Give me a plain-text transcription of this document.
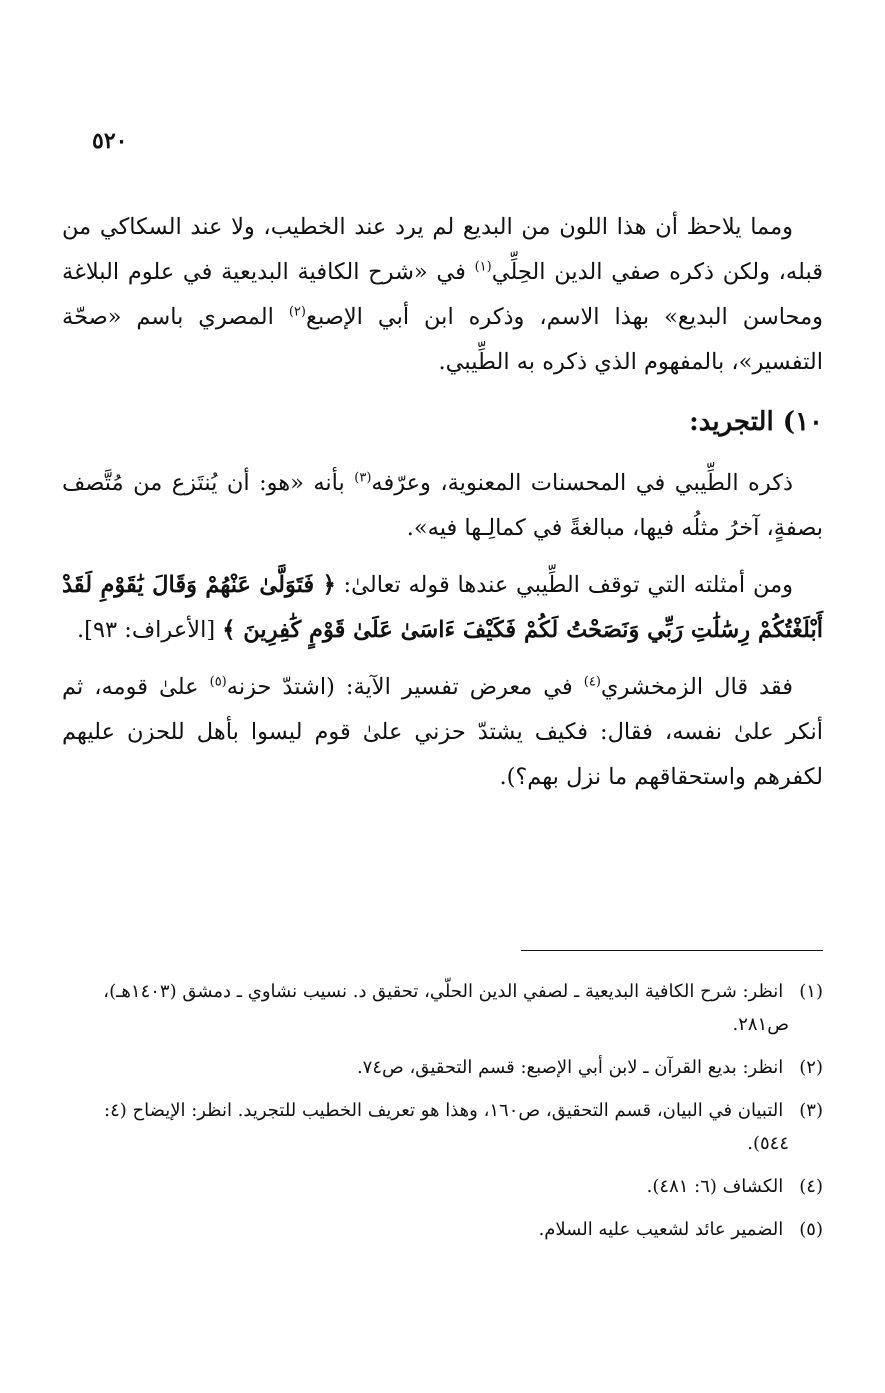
٥٢٠

ومما يلاحظ أن هذا اللون من البديع لم يرد عند الخطيب، ولا عند السكاكي من قبله، ولكن ذكره صفي الدين الحِلِّي$^{(١)}$ في «شرح الكافية البديعية في علوم البلاغة ومحاسن البديع» بهذا الاسم، وذكره ابن أبي الإصبع$^{(٢)}$ المصري باسم «صحّة التفسير»، بالمفهوم الذي ذكره به الطِّيبي.

١٠) التجريد:

ذكره الطِّيبي في المحسنات المعنوية، وعرّفه$^{(٣)}$ بأنه «هو: أن يُنتَزع من مُتَّصف بصفةٍ، آخرُ مثلُه فيها، مبالغةً في كمالِـها فيه».

ومن أمثلته التي توقف الطِّيبي عندها قوله تعالىٰ: ﴿ فَتَوَلَّىٰ عَنْهُمْ وَقَالَ يَٰقَوْمِ لَقَدْ أَبْلَغْتُكُمْ رِسَٰلَٰتِ رَبِّي وَنَصَحْتُ لَكُمْ فَكَيْفَ ءَاسَىٰ عَلَىٰ قَوْمٍ كَٰفِرِينَ ﴾ [الأعراف: ٩٣].

فقد قال الزمخشري$^{(٤)}$ في معرض تفسير الآية: (اشتدّ حزنه$^{(٥)}$ علىٰ قومه، ثم أنكر علىٰ نفسه، فقال: فكيف يشتدّ حزني علىٰ قوم ليسوا بأهل للحزن عليهم لكفرهم واستحقاقهم ما نزل بهم؟).

(١) انظر: شرح الكافية البديعية ـ لصفي الدين الحلّي، تحقيق د. نسيب نشاوي ـ دمشق (١٤٠٣هـ)، ص٢٨١.
(٢) انظر: بديع القرآن ـ لابن أبي الإصبع: قسم التحقيق، ص٧٤.
(٣) التبيان في البيان، قسم التحقيق، ص١٦٠، وهذا هو تعريف الخطيب للتجريد. انظر: الإيضاح (٤: ٥٤٤).
(٤) الكشاف (٦: ٤٨١).
(٥) الضمير عائد لشعيب عليه السلام.
